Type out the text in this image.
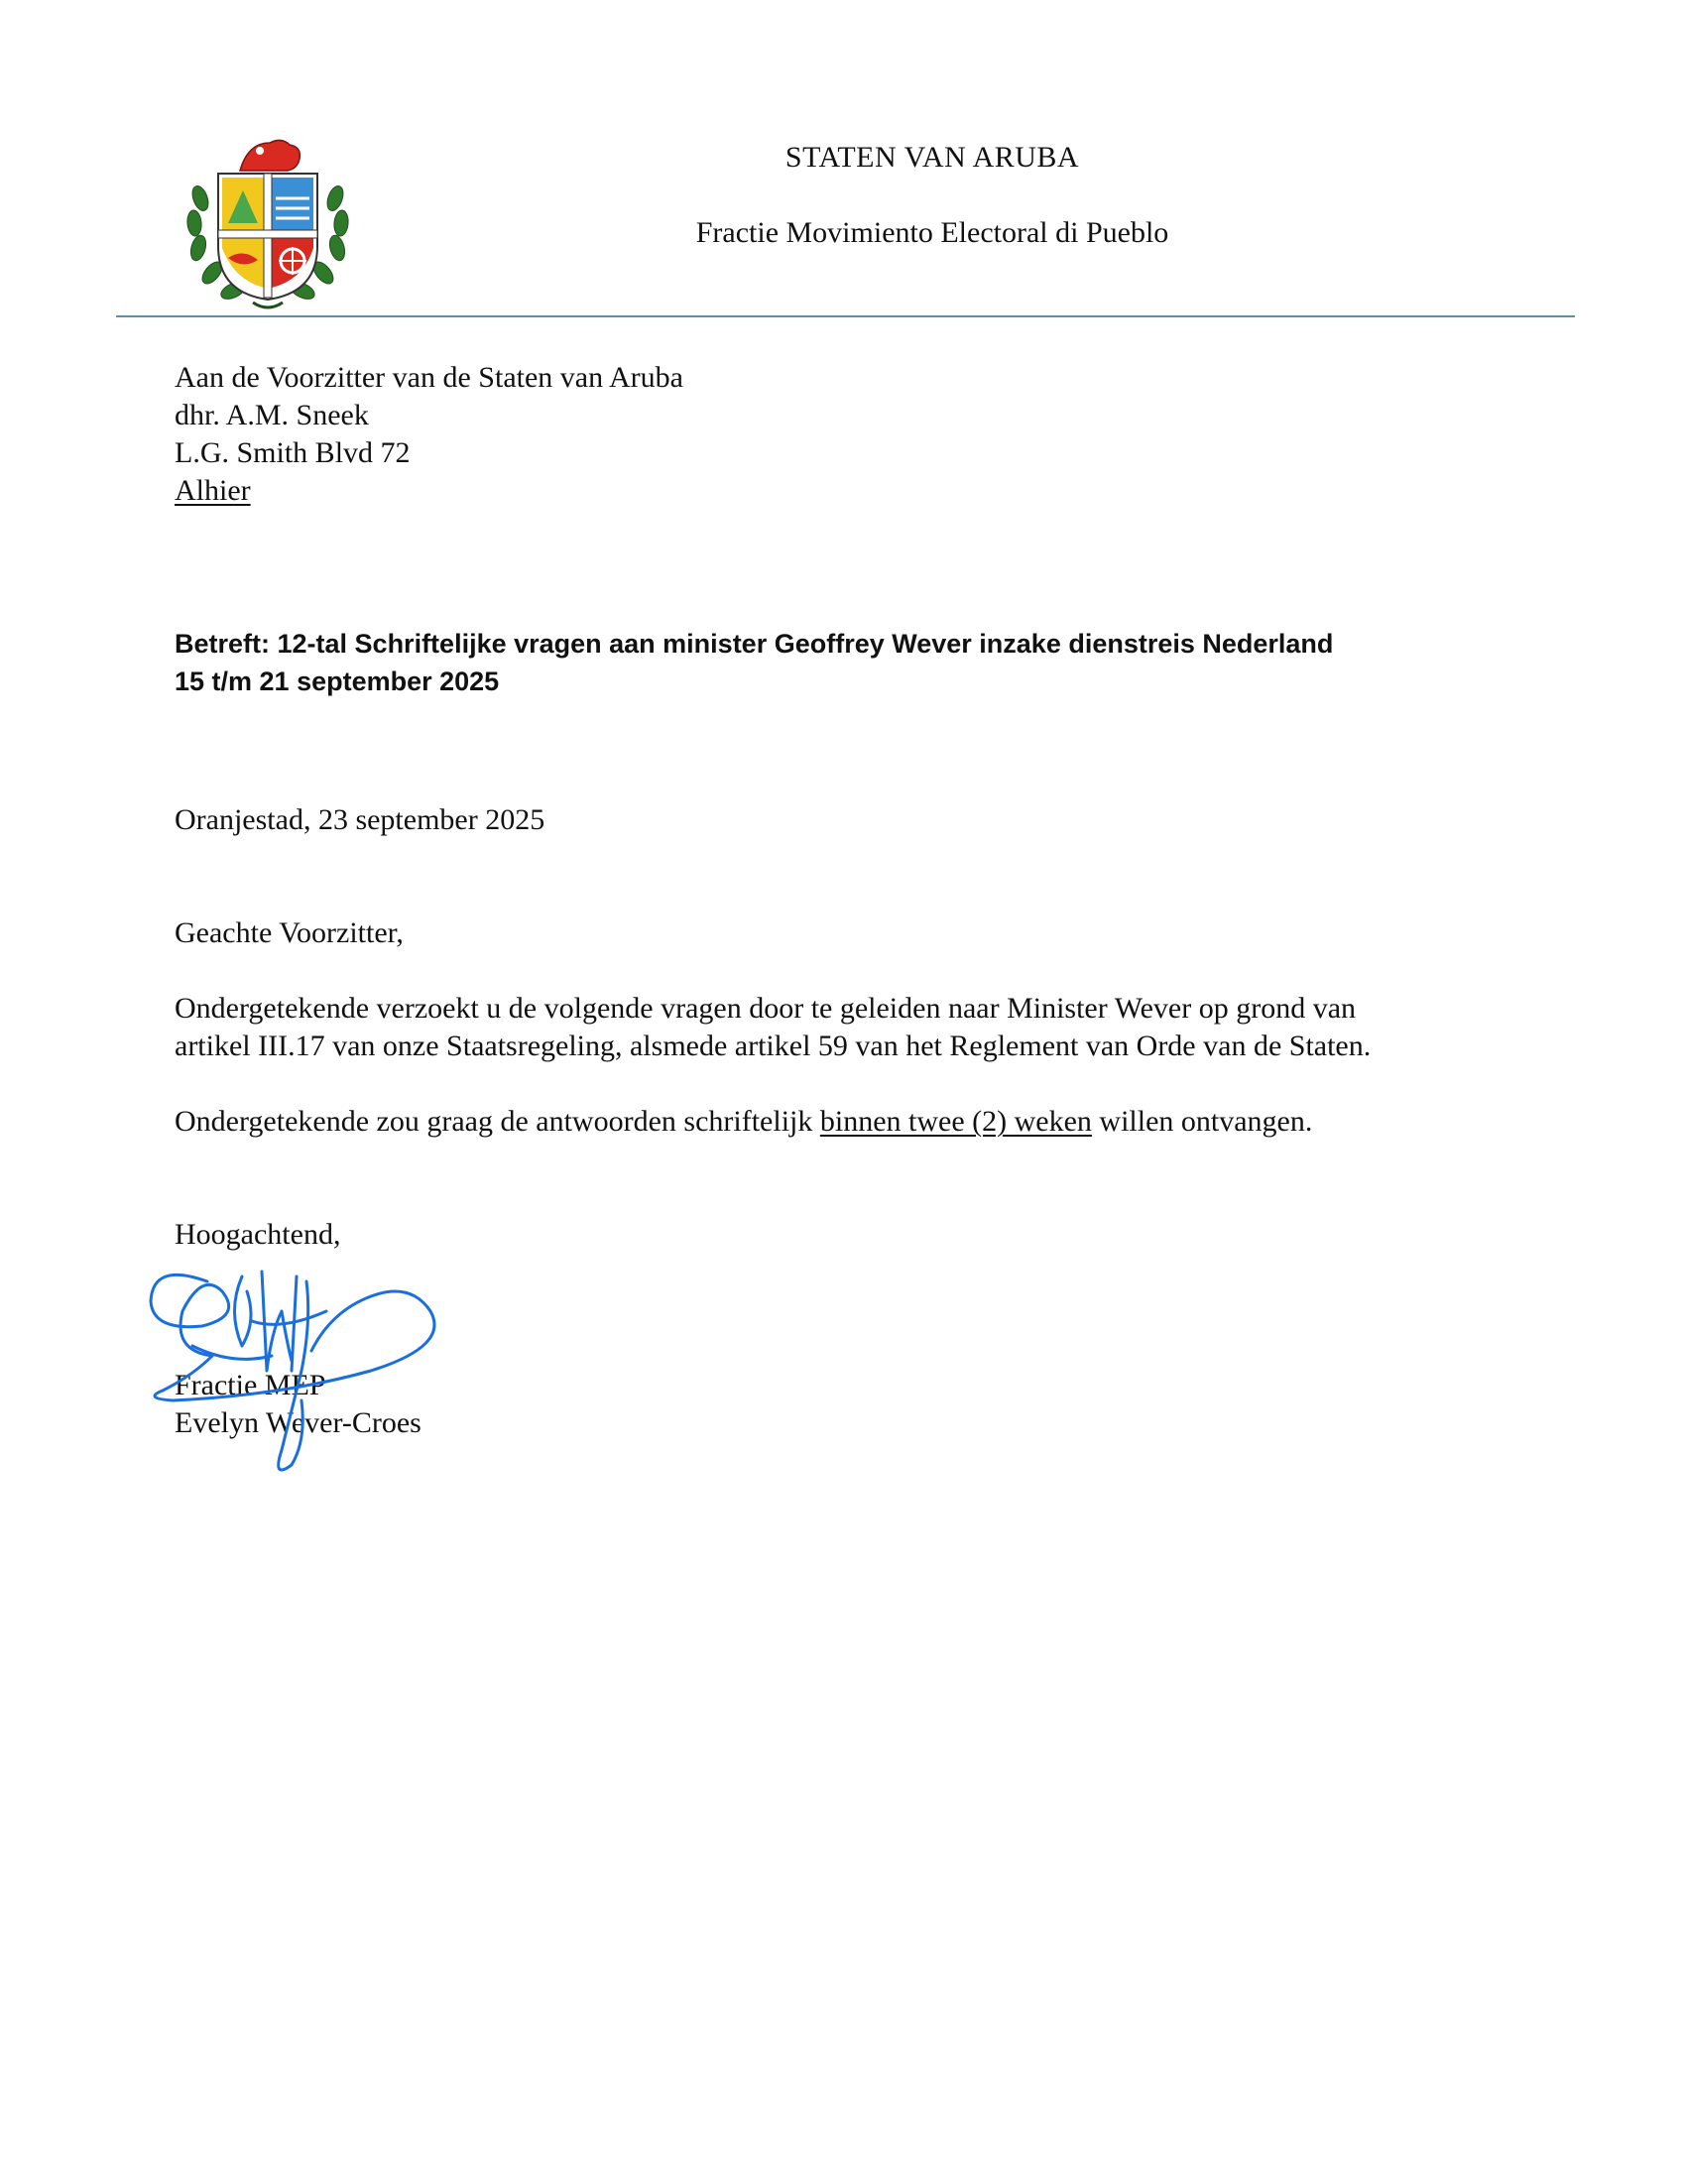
STATEN VAN ARUBA
Fractie Movimiento Electoral di Pueblo
Aan de Voorzitter van de Staten van Aruba
dhr. A.M. Sneek
L.G. Smith Blvd 72
Alhier
Betreft: 12-tal Schriftelijke vragen aan minister Geoffrey Wever inzake dienstreis Nederland
15 t/m 21 september 2025
Oranjestad, 23 september 2025
Geachte Voorzitter,
Ondergetekende verzoekt u de volgende vragen door te geleiden naar Minister Wever op grond van
artikel III.17 van onze Staatsregeling, alsmede artikel 59 van het Reglement van Orde van de Staten.
Ondergetekende zou graag de antwoorden schriftelijk binnen twee (2) weken willen ontvangen.
Hoogachtend,
Fractie MEP
Evelyn Wever-Croes
